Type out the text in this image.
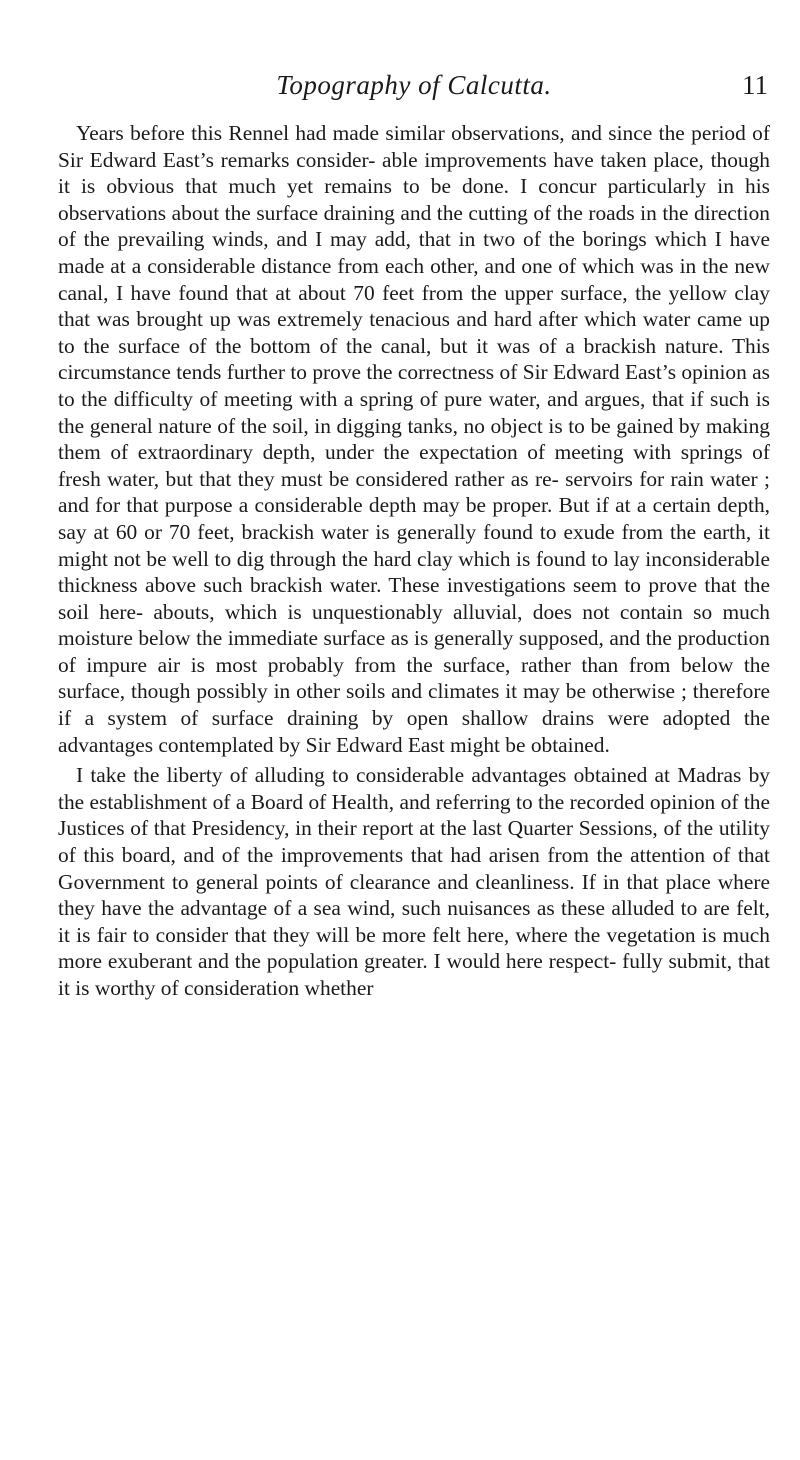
Topography of Calcutta.	11

Years before this Rennel had made similar observations, and since the period of Sir Edward East’s remarks consider- able improvements have taken place, though it is obvious that much yet remains to be done. I concur particularly in his observations about the surface draining and the cutting of the roads in the direction of the prevailing winds, and I may add, that in two of the borings which I have made at a considerable distance from each other, and one of which was in the new canal, I have found that at about 70 feet from the upper surface, the yellow clay that was brought up was extremely tenacious and hard after which water came up to the surface of the bottom of the canal, but it was of a brackish nature. This circumstance tends further to prove the correctness of Sir Edward East’s opinion as to the difficulty of meeting with a spring of pure water, and argues, that if such is the general nature of the soil, in digging tanks, no object is to be gained by making them of extraordinary depth, under the expectation of meeting with springs of fresh water, but that they must be considered rather as re- servoirs for rain water ; and for that purpose a considerable depth may be proper. But if at a certain depth, say at 60 or 70 feet, brackish water is generally found to exude from the earth, it might not be well to dig through the hard clay which is found to lay inconsiderable thickness above such brackish water. These investigations seem to prove that the soil here- abouts, which is unquestionably alluvial, does not contain so much moisture below the immediate surface as is generally supposed, and the production of impure air is most probably from the surface, rather than from below the surface, though possibly in other soils and climates it may be otherwise ; therefore if a system of surface draining by open shallow drains were adopted the advantages contemplated by Sir Edward East might be obtained.

I take the liberty of alluding to considerable advantages obtained at Madras by the establishment of a Board of Health, and referring to the recorded opinion of the Justices of that Presidency, in their report at the last Quarter Sessions, of the utility of this board, and of the improvements that had arisen from the attention of that Government to general points of clearance and cleanliness. If in that place where they have the advantage of a sea wind, such nuisances as these alluded to are felt, it is fair to consider that they will be more felt here, where the vegetation is much more exuberant and the population greater. I would here respect- fully submit, that it is worthy of consideration whether
